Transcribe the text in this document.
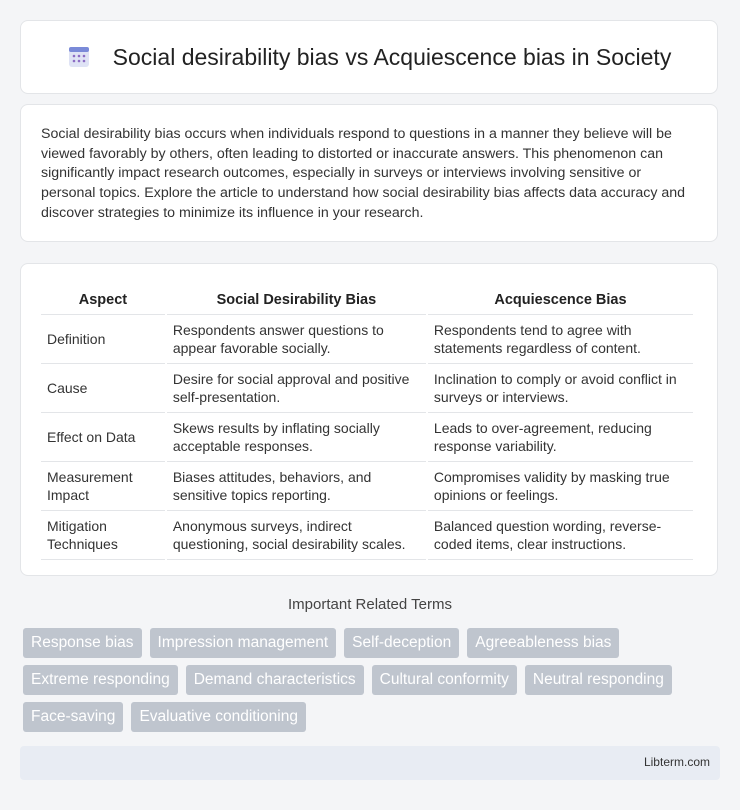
Social desirability bias vs Acquiescence bias in Society

Social desirability bias occurs when individuals respond to questions in a manner they believe will be viewed favorably by others, often leading to distorted or inaccurate answers. This phenomenon can significantly impact research outcomes, especially in surveys or interviews involving sensitive or personal topics. Explore the article to understand how social desirability bias affects data accuracy and discover strategies to minimize its influence in your research.

Aspect	Social Desirability Bias	Acquiescence Bias
Definition	Respondents answer questions to appear favorable socially.	Respondents tend to agree with statements regardless of content.
Cause	Desire for social approval and positive self-presentation.	Inclination to comply or avoid conflict in surveys or interviews.
Effect on Data	Skews results by inflating socially acceptable responses.	Leads to over-agreement, reducing response variability.
Measurement Impact	Biases attitudes, behaviors, and sensitive topics reporting.	Compromises validity by masking true opinions or feelings.
Mitigation Techniques	Anonymous surveys, indirect questioning, social desirability scales.	Balanced question wording, reverse-coded items, clear instructions.
Important Related Terms
Response bias	Impression management	Self-deception	Agreeableness bias
Extreme responding	Demand characteristics	Cultural conformity	Neutral responding
Face-saving	Evaluative conditioning
Libterm.com
